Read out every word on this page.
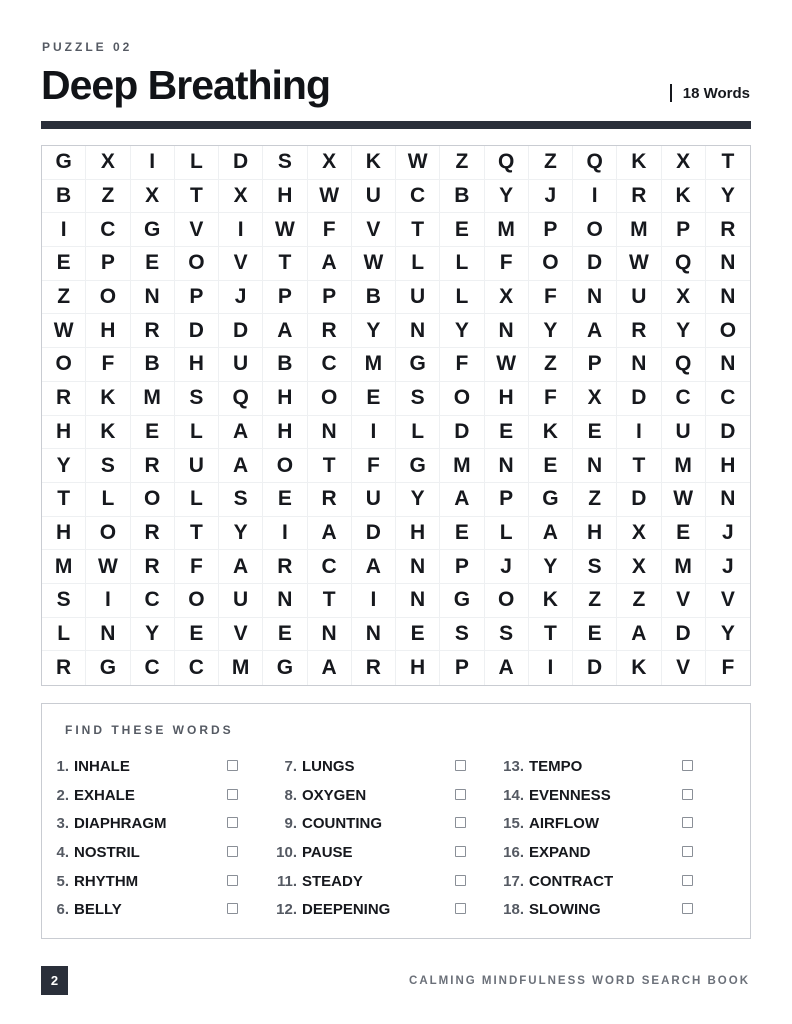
PUZZLE 02
Deep Breathing	18 Words
G	X	I	L	D	S	X	K	W	Z	Q	Z	Q	K	X	T
B	Z	X	T	X	H	W	U	C	B	Y	J	I	R	K	Y
I	C	G	V	I	W	F	V	T	E	M	P	O	M	P	R
E	P	E	O	V	T	A	W	L	L	F	O	D	W	Q	N
Z	O	N	P	J	P	P	B	U	L	X	F	N	U	X	N
W	H	R	D	D	A	R	Y	N	Y	N	Y	A	R	Y	O
O	F	B	H	U	B	C	M	G	F	W	Z	P	N	Q	N
R	K	M	S	Q	H	O	E	S	O	H	F	X	D	C	C
H	K	E	L	A	H	N	I	L	D	E	K	E	I	U	D
Y	S	R	U	A	O	T	F	G	M	N	E	N	T	M	H
T	L	O	L	S	E	R	U	Y	A	P	G	Z	D	W	N
H	O	R	T	Y	I	A	D	H	E	L	A	H	X	E	J
M	W	R	F	A	R	C	A	N	P	J	Y	S	X	M	J
S	I	C	O	U	N	T	I	N	G	O	K	Z	Z	V	V
L	N	Y	E	V	E	N	N	E	S	S	T	E	A	D	Y
R	G	C	C	M	G	A	R	H	P	A	I	D	K	V	F
FIND THESE WORDS
1. INHALE
2. EXHALE
3. DIAPHRAGM
4. NOSTRIL
5. RHYTHM
6. BELLY
7. LUNGS
8. OXYGEN
9. COUNTING
10. PAUSE
11. STEADY
12. DEEPENING
13. TEMPO
14. EVENNESS
15. AIRFLOW
16. EXPAND
17. CONTRACT
18. SLOWING
2	CALMING MINDFULNESS WORD SEARCH BOOK
